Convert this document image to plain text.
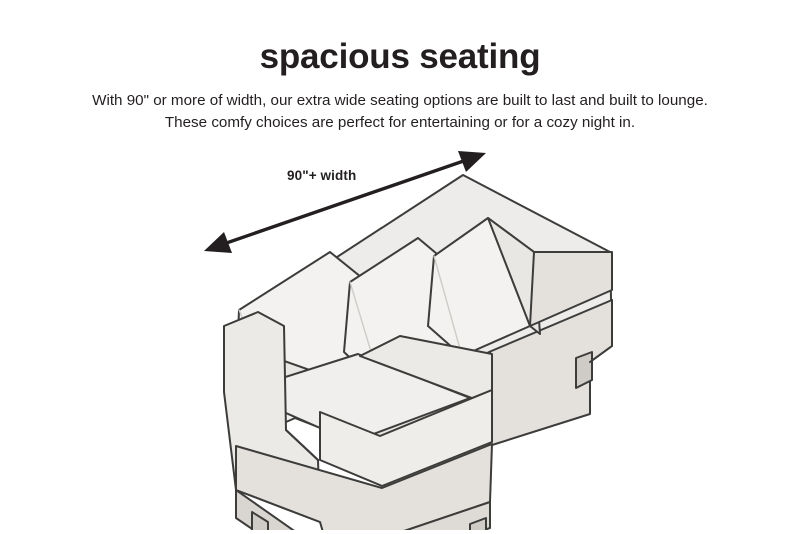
spacious seating
With 90" or more of width, our extra wide seating options are built to last and built to lounge.
These comfy choices are perfect for entertaining or for a cozy night in.
90"+ width
